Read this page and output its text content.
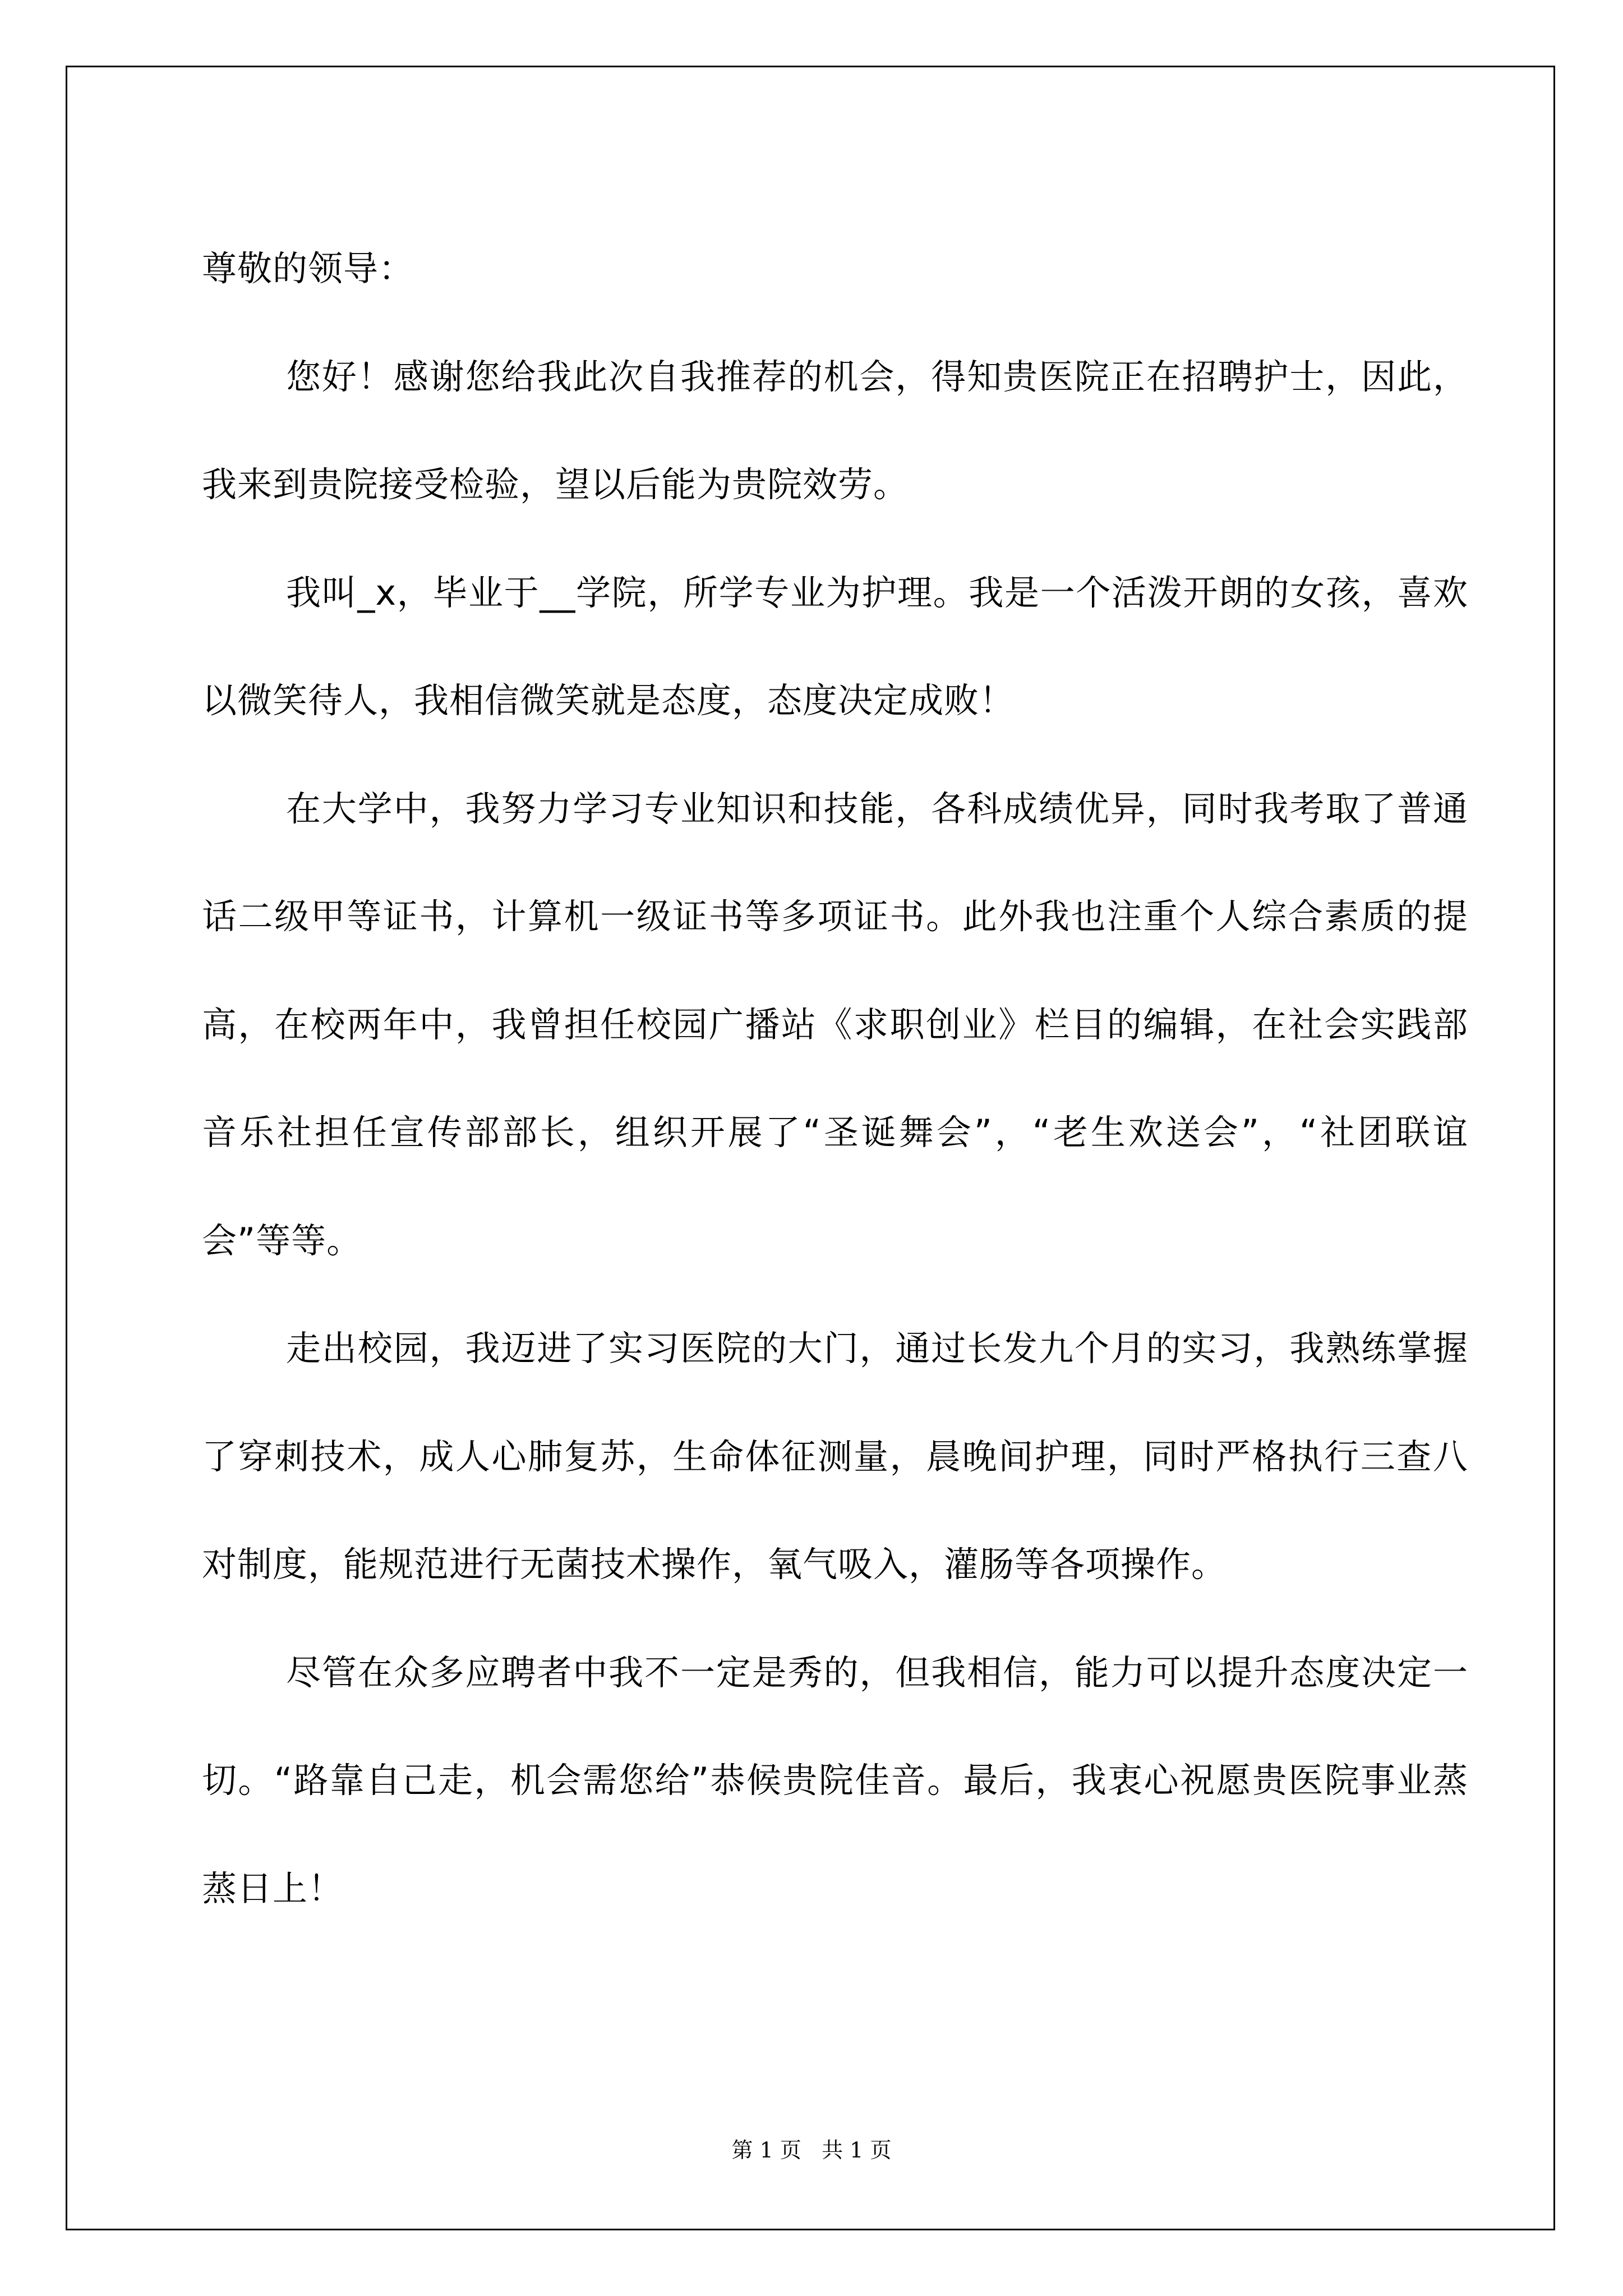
尊敬的领导：

您好！感谢您给我此次自我推荐的机会，得知贵医院正在招聘护士，因此，我来到贵院接受检验，望以后能为贵院效劳。

我叫_x，毕业于__学院，所学专业为护理。我是一个活泼开朗的女孩，喜欢以微笑待人，我相信微笑就是态度，态度决定成败！

在大学中，我努力学习专业知识和技能，各科成绩优异，同时我考取了普通话二级甲等证书，计算机一级证书等多项证书。此外我也注重个人综合素质的提高，在校两年中，我曾担任校园广播站《求职创业》栏目的编辑，在社会实践部音乐社担任宣传部部长，组织开展了“圣诞舞会”，“老生欢送会”，“社团联谊会”等等。

走出校园，我迈进了实习医院的大门，通过长发九个月的实习，我熟练掌握了穿刺技术，成人心肺复苏，生命体征测量，晨晚间护理，同时严格执行三查八对制度，能规范进行无菌技术操作，氧气吸入，灌肠等各项操作。

尽管在众多应聘者中我不一定是秀的，但我相信，能力可以提升态度决定一切。“路靠自己走，机会需您给”恭候贵院佳音。最后，我衷心祝愿贵医院事业蒸蒸日上！

第 1 页   共 1 页
